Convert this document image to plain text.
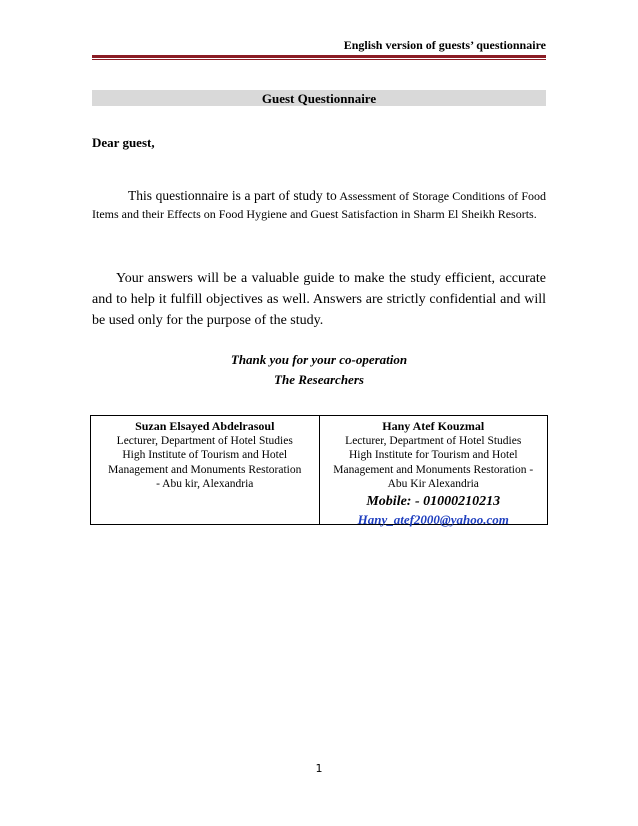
English version of guests’ questionnaire
Guest Questionnaire
Dear guest,
This questionnaire is a part of study to Assessment of Storage Conditions of Food Items and their Effects on Food Hygiene and Guest Satisfaction in Sharm El Sheikh Resorts.
Your answers will be a valuable guide to make the study efficient, accurate and to help it fulfill objectives as well. Answers are strictly confidential and will be used only for the purpose of the study.
Thank you for your co-operation
The Researchers
Suzan Elsayed Abdelrasoul
Lecturer, Department of Hotel Studies
High Institute of Tourism and Hotel Management and Monuments Restoration
- Abu kir, Alexandria
Hany Atef Kouzmal
Lecturer, Department of Hotel Studies
High Institute for Tourism and Hotel Management and Monuments Restoration -
Abu Kir Alexandria
Mobile: - 01000210213
Hany_atef2000@yahoo.com
1
